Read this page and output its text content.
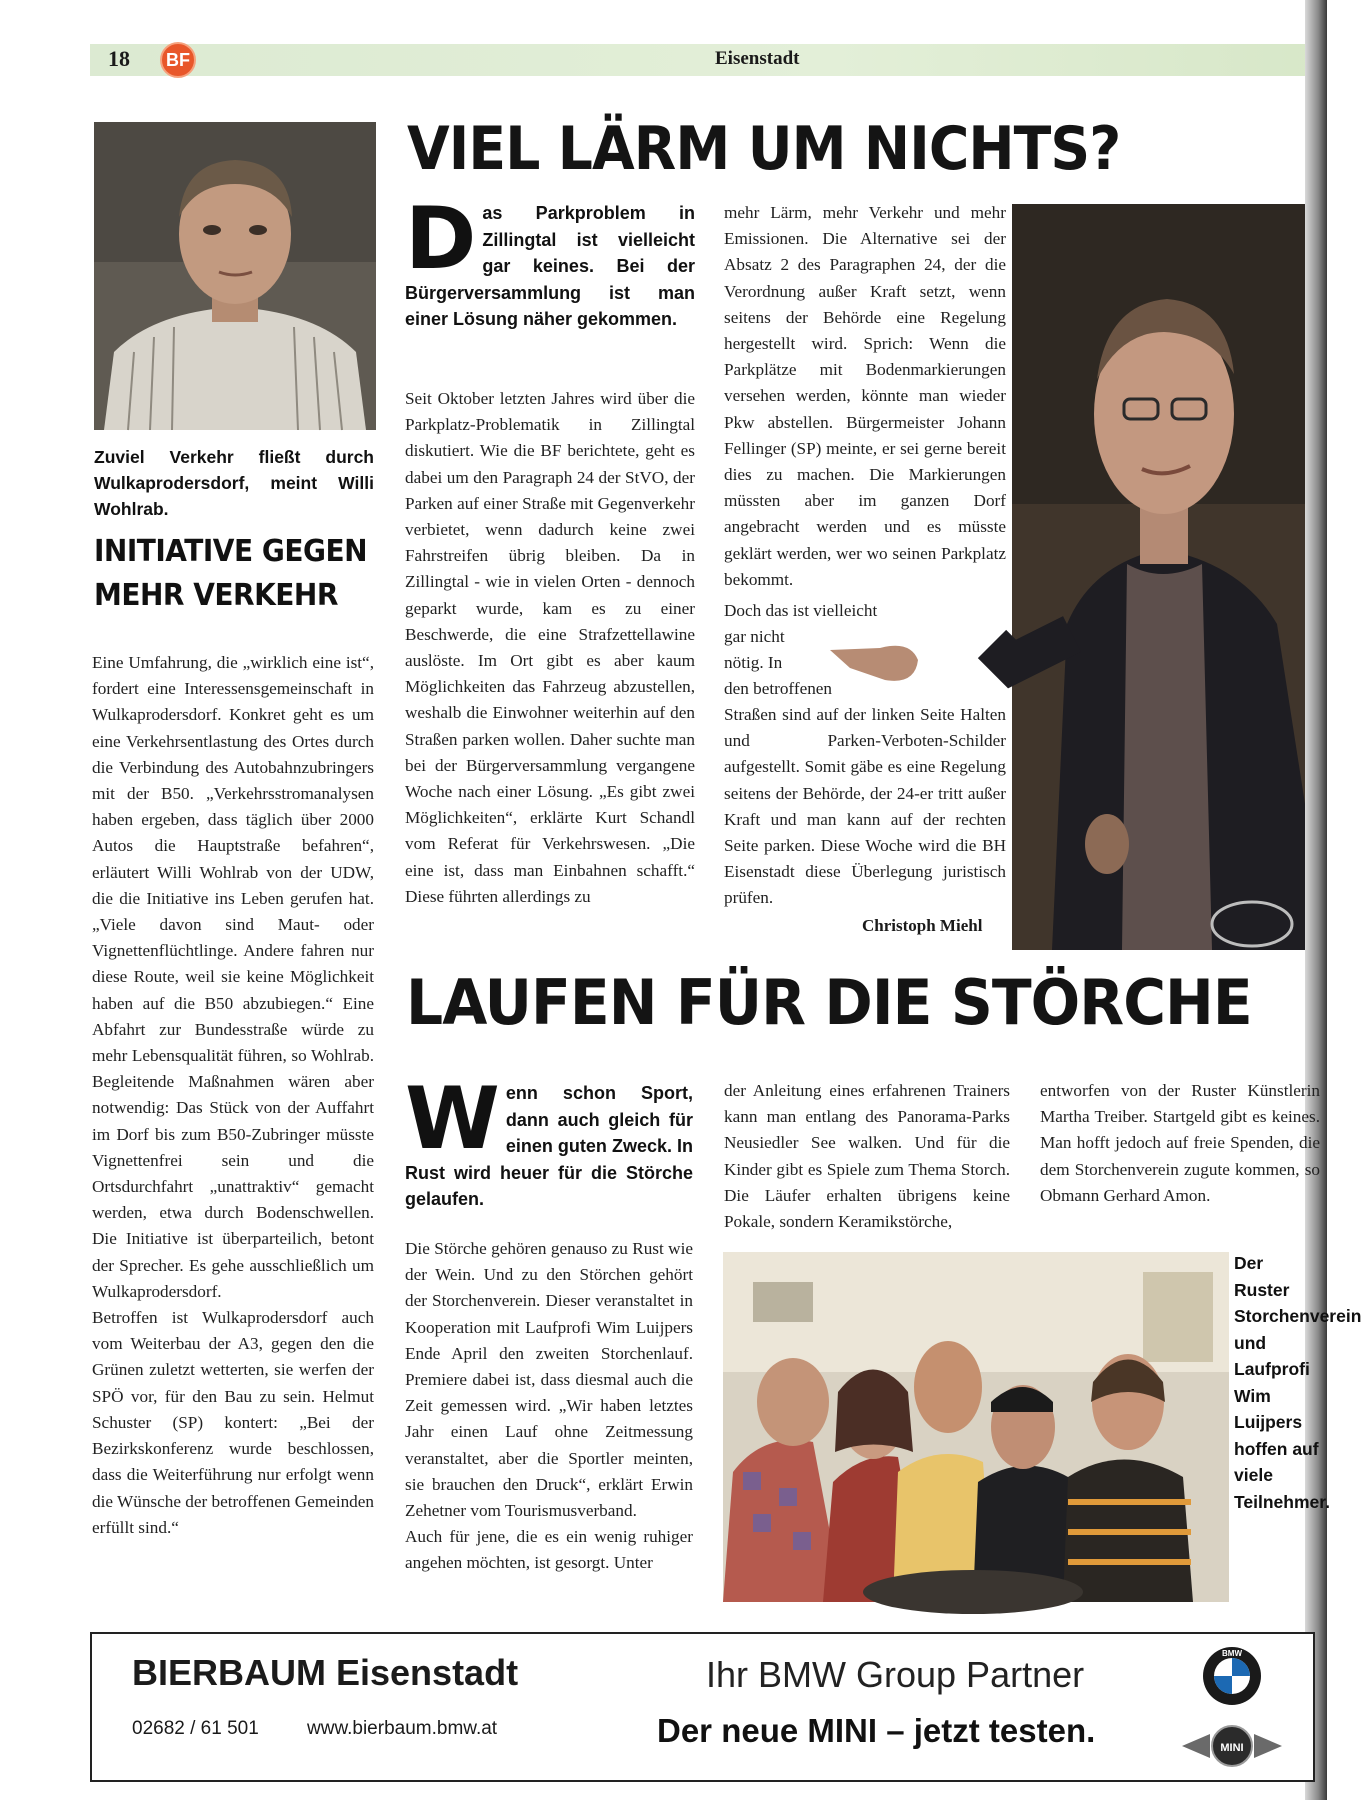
18	BF	Eisenstadt
Zuviel Verkehr fließt durch Wulkaprodersdorf, meint Willi Wohlrab.
INITIATIVE GEGEN
MEHR VERKEHR

Eine Umfahrung, die „wirklich eine ist“, fordert eine Interessensgemeinschaft in Wulkaprodersdorf. Konkret geht es um eine Verkehrsentlastung des Ortes durch die Verbindung des Autobahnzubringers mit der B50. „Verkehrsstromanalysen haben ergeben, dass täglich über 2000 Autos die Hauptstraße befahren“, erläutert Willi Wohlrab von der UDW, die die Initiative ins Leben gerufen hat. „Viele davon sind Maut- oder Vignettenflüchtlinge. Andere fahren nur diese Route, weil sie keine Möglichkeit haben auf die B50 abzubiegen.“ Eine Abfahrt zur Bundesstraße würde zu mehr Lebensqualität führen, so Wohlrab. Begleitende Maßnahmen wären aber notwendig: Das Stück von der Auffahrt im Dorf bis zum B50-Zubringer müsste Vignettenfrei sein und die Ortsdurchfahrt „unattraktiv“ gemacht werden, etwa durch Bodenschwellen. Die Initiative ist überparteilich, betont der Sprecher. Es gehe ausschließlich um Wulkaprodersdorf.

Betroffen ist Wulkaprodersdorf auch vom Weiterbau der A3, gegen den die Grünen zuletzt wetterten, sie werfen der SPÖ vor, für den Bau zu sein. Helmut Schuster (SP) kontert: „Bei der Bezirkskonferenz wurde beschlossen, dass die Weiterführung nur erfolgt wenn die Wünsche der betroffenen Gemeinden erfüllt sind.“

VIEL LÄRM UM NICHTS?
Das Parkproblem in Zillingtal ist vielleicht gar keines. Bei der Bürgerversammlung ist man einer Lösung näher gekommen.
Seit Oktober letzten Jahres wird über die Parkplatz-Problematik in Zillingtal diskutiert. Wie die BF berichtete, geht es dabei um den Paragraph 24 der StVO, der Parken auf einer Straße mit Gegenverkehr verbietet, wenn dadurch keine zwei Fahrstreifen übrig bleiben. Da in Zillingtal - wie in vielen Orten - dennoch geparkt wurde, kam es zu einer Beschwerde, die eine Strafzettellawine auslöste. Im Ort gibt es aber kaum Möglichkeiten das Fahrzeug abzustellen, weshalb die Einwohner weiterhin auf den Straßen parken wollen. Daher suchte man bei der Bürgerversammlung vergangene Woche nach einer Lösung. „Es gibt zwei Möglichkeiten“, erklärte Kurt Schandl vom Referat für Verkehrswesen. „Die eine ist, dass man Einbahnen schafft.“ Diese führten allerdings zu
mehr Lärm, mehr Verkehr und mehr Emissionen. Die Alternative sei der Absatz 2 des Paragraphen 24, der die Verordnung außer Kraft setzt, wenn seitens der Behörde eine Regelung hergestellt wird. Sprich: Wenn die Parkplätze mit Bodenmarkierungen versehen werden, könnte man wieder Pkw abstellen. Bürgermeister Johann Fellinger (SP) meinte, er sei gerne bereit dies zu machen. Die Markierungen müssten aber im ganzen Dorf angebracht werden und es müsste geklärt werden, wer wo seinen Parkplatz bekommt.
Doch das ist vielleicht
gar nicht
nötig. In
den betroffenen
Straßen sind auf der linken Seite Halten und Parken-Verboten-Schilder aufgestellt. Somit gäbe es eine Regelung seitens der Behörde, der 24-er tritt außer Kraft und man kann auf der rechten Seite parken. Diese Woche wird die BH Eisenstadt diese Überlegung juristisch prüfen.
Christoph Miehl
LAUFEN FÜR DIE STÖRCHE
Wenn schon Sport, dann auch gleich für einen guten Zweck. In Rust wird heuer für die Störche gelaufen.

Die Störche gehören genauso zu Rust wie der Wein. Und zu den Störchen gehört der Storchenverein. Dieser veranstaltet in Kooperation mit Laufprofi Wim Luijpers Ende April den zweiten Storchenlauf. Premiere dabei ist, dass diesmal auch die Zeit gemessen wird. „Wir haben letztes Jahr einen Lauf ohne Zeitmessung veranstaltet, aber die Sportler meinten, sie brauchen den Druck“, erklärt Erwin Zehetner vom Tourismusverband.

Auch für jene, die es ein wenig ruhiger angehen möchten, ist gesorgt. Unter

der Anleitung eines erfahrenen Trainers kann man entlang des Panorama-Parks Neusiedler See walken. Und für die Kinder gibt es Spiele zum Thema Storch. Die Läufer erhalten übrigens keine Pokale, sondern Keramikstörche,
entworfen von der Ruster Künstlerin Martha Treiber. Startgeld gibt es keines. Man hofft jedoch auf freie Spenden, die dem Storchenverein zugute kommen, so Obmann Gerhard Amon.
Der Ruster Storchenverein und Laufprofi Wim Luijpers hoffen auf viele Teilnehmer.
BIERBAUM Eisenstadt
02682 / 61 501	www.bierbaum.bmw.at
Ihr BMW Group Partner
Der neue MINI – jetzt testen.
BMW
MINI
